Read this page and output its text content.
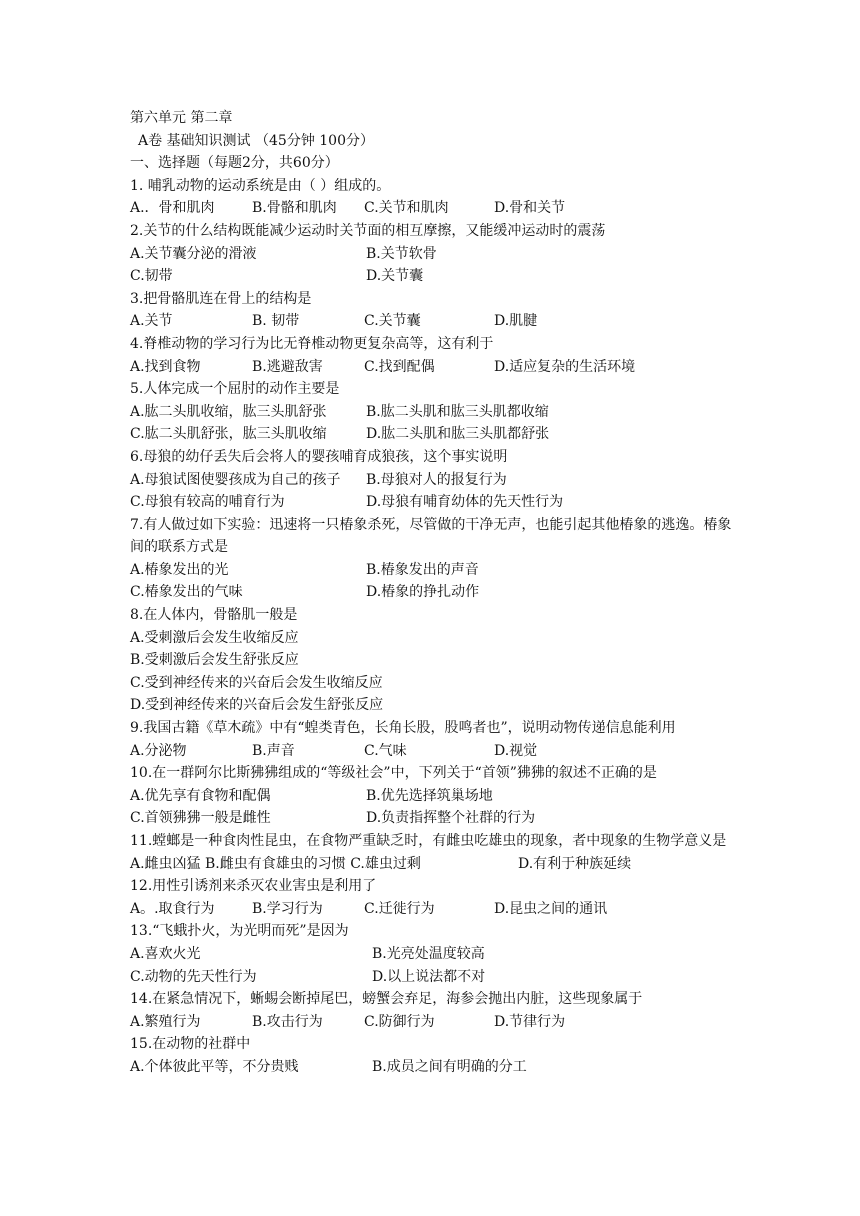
第六单元 第二章
A卷 基础知识测试 （45分钟 100分）
一、选择题（每题2分，共60分）
1. 哺乳动物的运动系统是由（ ）组成的。
A.．骨和肌肉	B.骨骼和肌肉	C.关节和肌肉	D.骨和关节
2.关节的什么结构既能减少运动时关节面的相互摩擦，又能缓冲运动时的震荡
A.关节囊分泌的滑液	B.关节软骨
C.韧带	D.关节囊
3.把骨骼肌连在骨上的结构是
A.关节	B. 韧带	C.关节囊	D.肌腱
4.脊椎动物的学习行为比无脊椎动物更复杂高等，这有利于
A.找到食物	B.逃避敌害	C.找到配偶	D.适应复杂的生活环境
5.人体完成一个屈肘的动作主要是
A.肱二头肌收缩，肱三头肌舒张	B.肱二头肌和肱三头肌都收缩
C.肱二头肌舒张，肱三头肌收缩	D.肱二头肌和肱三头肌都舒张
6.母狼的幼仔丢失后会将人的婴孩哺育成狼孩，这个事实说明
A.母狼试图使婴孩成为自己的孩子	B.母狼对人的报复行为
C.母狼有较高的哺育行为	D.母狼有哺育幼体的先天性行为
7.有人做过如下实验：迅速将一只椿象杀死，尽管做的干净无声，也能引起其他椿象的逃逸。椿象间的联系方式是
A.椿象发出的光	B.椿象发出的声音
C.椿象发出的气味	D.椿象的挣扎动作
8.在人体内，骨骼肌一般是
A.受刺激后会发生收缩反应
B.受刺激后会发生舒张反应
C.受到神经传来的兴奋后会发生收缩反应
D.受到神经传来的兴奋后会发生舒张反应
9.我国古籍《草木疏》中有“蝗类青色，长角长股，股鸣者也”，说明动物传递信息能利用
A.分泌物	B.声音	C.气味	D.视觉
10.在一群阿尔比斯狒狒组成的“等级社会”中，下列关于“首领”狒狒的叙述不正确的是
A.优先享有食物和配偶	B.优先选择筑巢场地
C.首领狒狒一般是雌性	D.负责指挥整个社群的行为
11.螳螂是一种食肉性昆虫，在食物严重缺乏时，有雌虫吃雄虫的现象，者中现象的生物学意义是
A.雌虫凶猛 B.雌虫有食雄虫的习惯 C.雄虫过剩	D.有利于种族延续
12.用性引诱剂来杀灭农业害虫是利用了
A。.取食行为	B.学习行为	C.迁徙行为	D.昆虫之间的通讯
13.“飞蛾扑火，为光明而死”是因为
A.喜欢火光	B.光亮处温度较高
C.动物的先天性行为	D.以上说法都不对
14.在紧急情况下，蜥蜴会断掉尾巴，螃蟹会弃足，海参会抛出内脏，这些现象属于
A.繁殖行为	B.攻击行为	C.防御行为	D.节律行为
15.在动物的社群中
A.个体彼此平等，不分贵贱	B.成员之间有明确的分工
